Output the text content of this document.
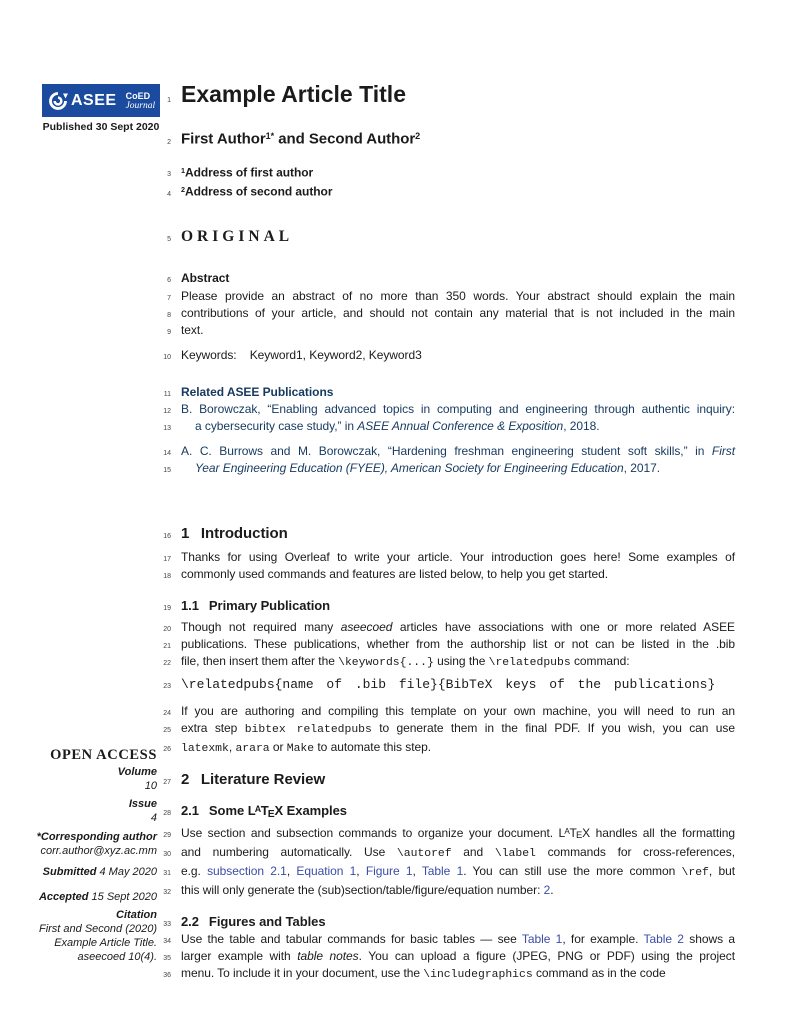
ASEE CoED
Journal
Published 30 Sept 2020
OPEN ACCESS
Volume
10
Issue
4
*Corresponding author
corr.author@xyz.ac.mm
Submitted 4 May 2020
Accepted 15 Sept 2020
Citation
First and Second (2020)
Example Article Title.
aseecoed 10(4).
1 Example Article Title
2 First Author$^{1*}$ and Second Author$^2$
3
$^1$Address of first author
4
$^2$Address of second author
5 ORIGINAL
6 Abstract
7 Please provide an abstract of no more than 350 words. Your abstract should explain the main
8 contributions of your article, and should not contain any material that is not included in the main
9 text.
10 Keywords:    Keyword1, Keyword2, Keyword3
11 Related ASEE Publications
12 B. Borowczak, “Enabling advanced topics in computing and engineering through authentic inquiry:
13	a cybersecurity case study,” in ASEE Annual Conference & Exposition, 2018.
14 A. C. Burrows and M. Borowczak, “Hardening freshman engineering student soft skills,” in First
15	Year Engineering Education (FYEE), American Society for Engineering Education, 2017.
16 1  Introduction
17 Thanks for using Overleaf to write your article. Your introduction goes here! Some examples of
18 commonly used commands and features are listed below, to help you get started.
19 1.1  Primary Publication
20 Though not required many aseecoed articles have associations with one or more related ASEE
21 publications. These publications, whether from the authorship list or not can be listed in the .bib
22 file, then insert them after the \keywords{...} using the \relatedpubs command:
23 \relatedpubs{name of .bib file}{BibTeX keys of the publications}
24 If you are authoring and compiling this template on your own machine, you will need to run an
25 extra step bibtex relatedpubs to generate them in the final PDF. If you wish, you can use
26 latexmk, arara or Make to automate this step.
27 2  Literature Review
28 2.1  Some $L^ATEX$ Examples
29 Use section and subsection commands to organize your document. $L^ATEX$ handles all the formatting
30 and numbering automatically. Use \autoref and \label commands for cross-references,
31 e.g. subsection 2.1, Equation 1, Figure 1, Table 1. You can still use the more common \ref, but
32 this will only generate the (sub)section/table/figure/equation number: 2.
33 2.2  Figures and Tables
34 Use the table and tabular commands for basic tables — see Table 1, for example. Table 2 shows a
35 larger example with table notes. You can upload a figure (JPEG, PNG or PDF) using the project
36 menu. To include it in your document, use the \includegraphics command as in the code
